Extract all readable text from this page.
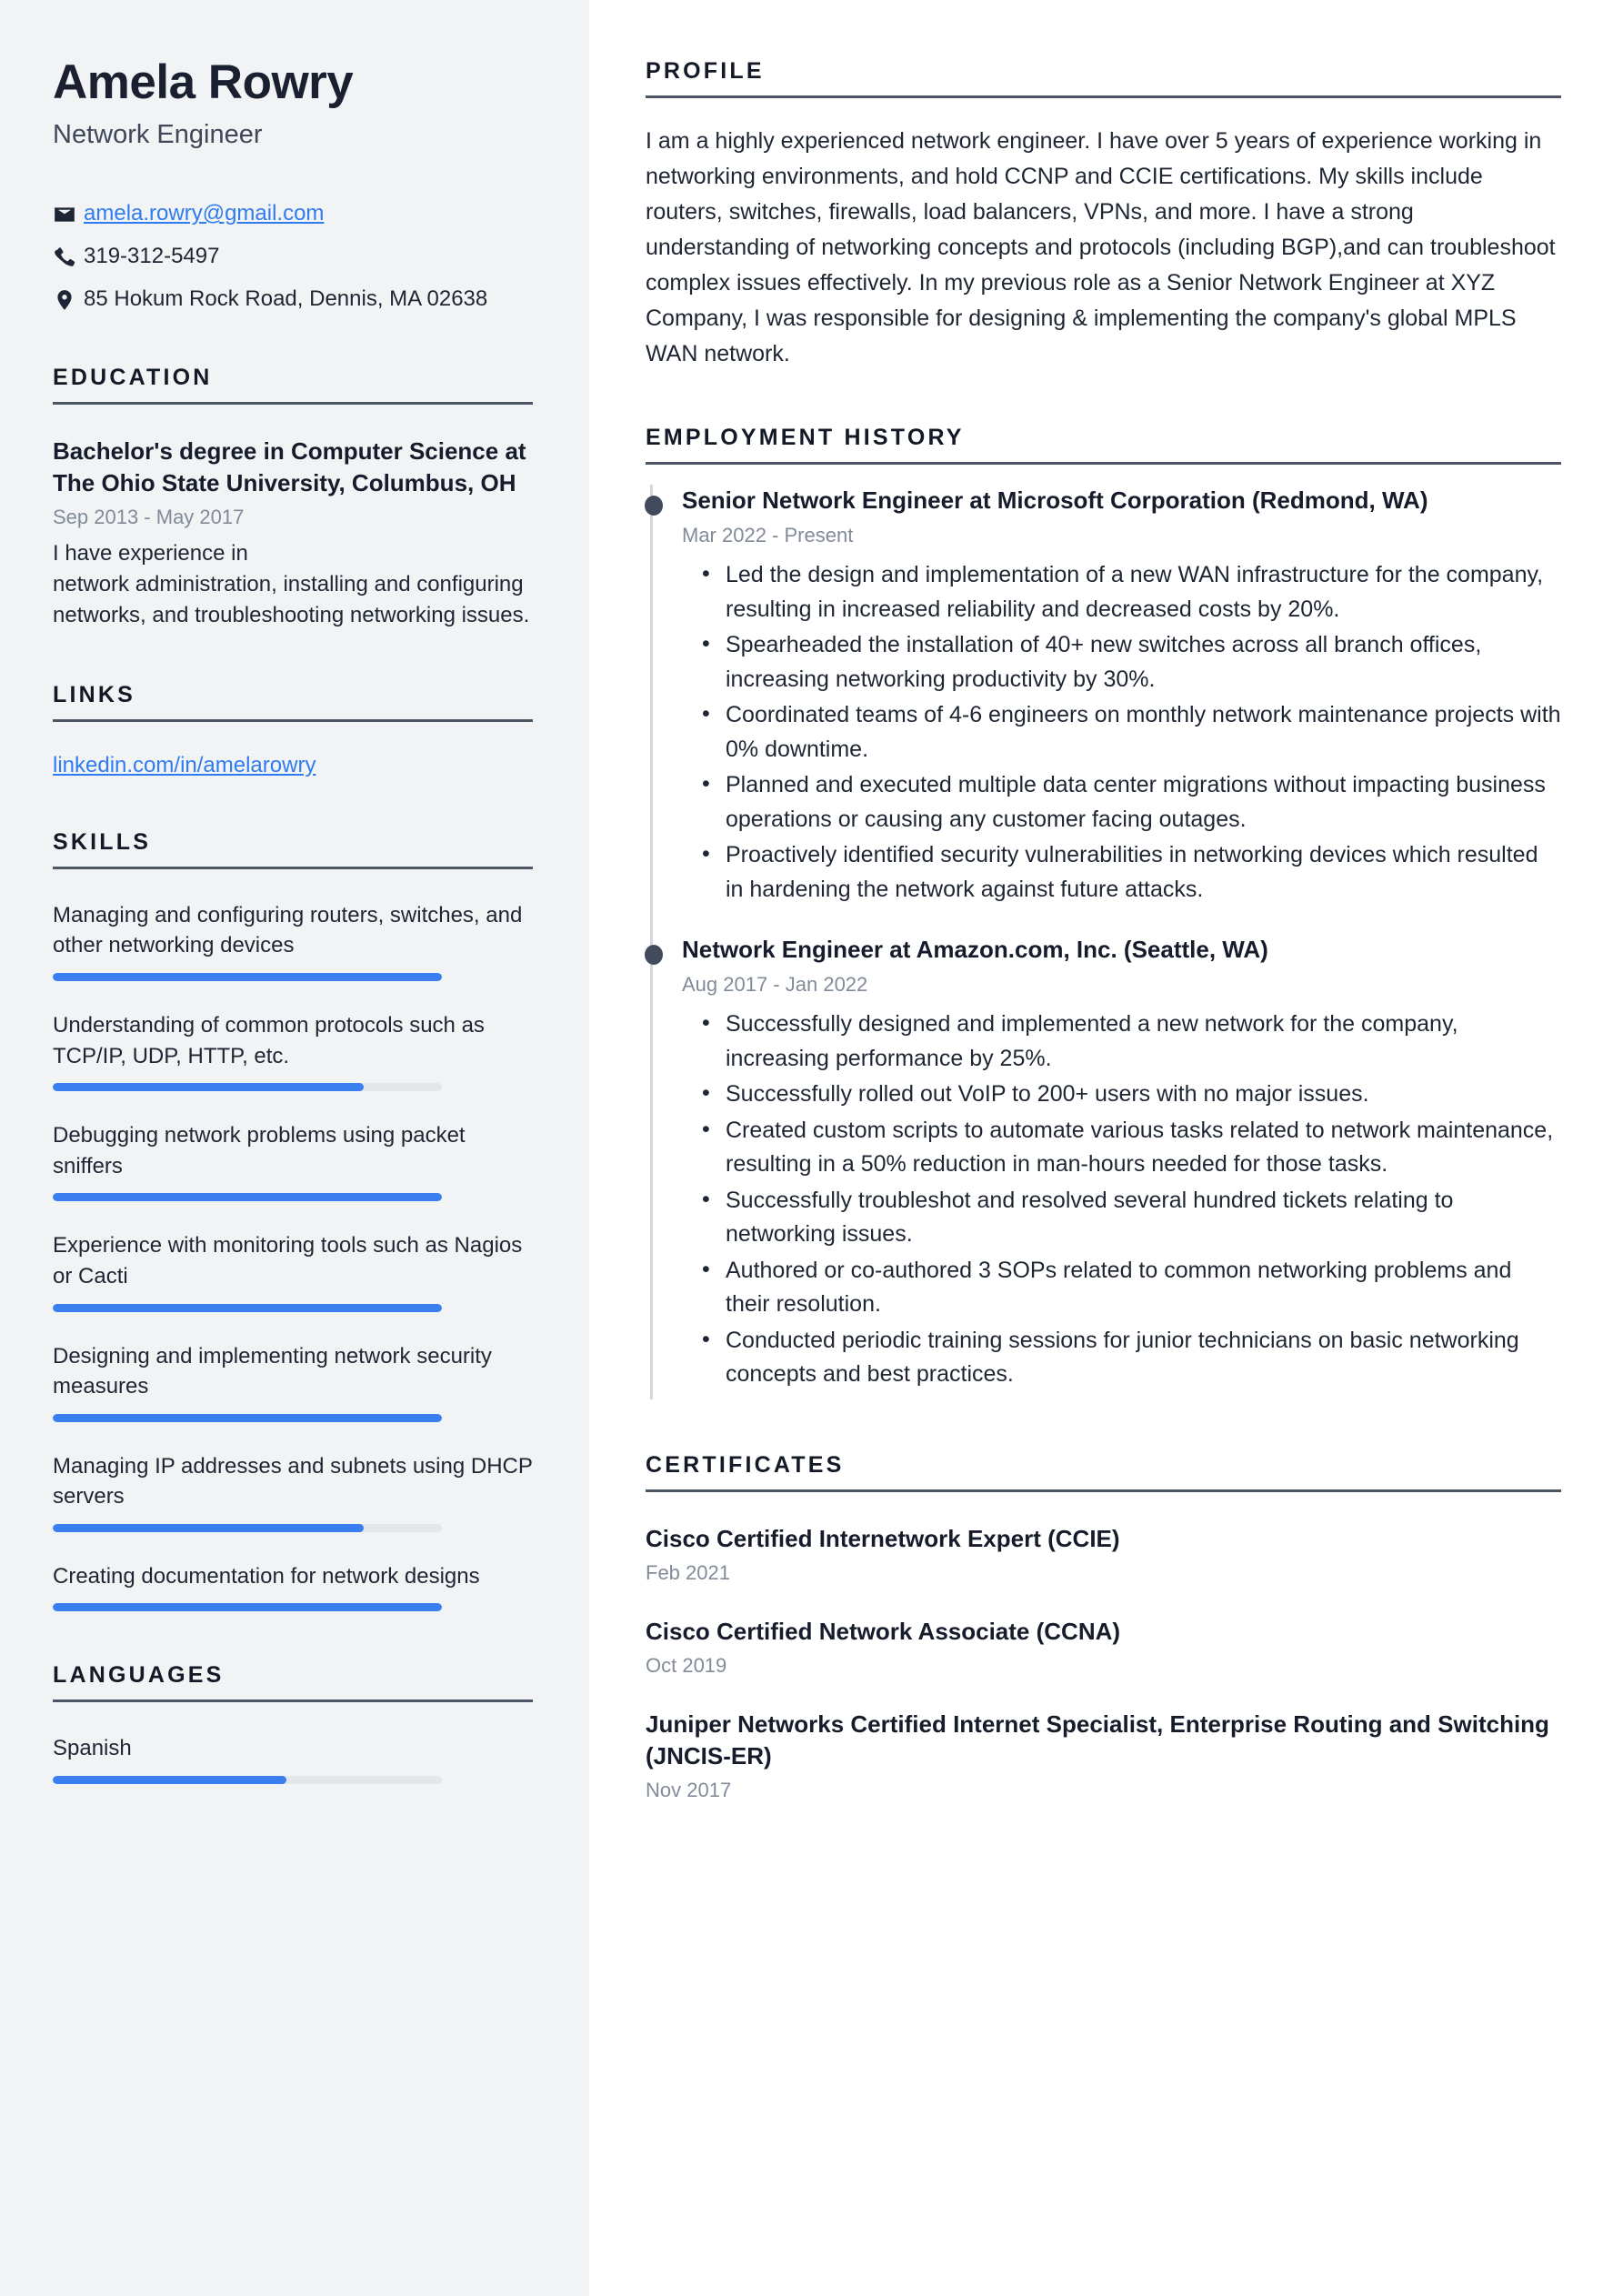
Amela Rowry
Network Engineer
amela.rowry@gmail.com
319-312-5497
85 Hokum Rock Road, Dennis, MA 02638
EDUCATION
Bachelor's degree in Computer Science at The Ohio State University, Columbus, OH
Sep 2013 - May 2017
I have experience in
network administration, installing and configuring networks, and troubleshooting networking issues.
LINKS
linkedin.com/in/amelarowry
SKILLS
Managing and configuring routers, switches, and other networking devices
Understanding of common protocols such as TCP/IP, UDP, HTTP, etc.
Debugging network problems using packet sniffers
Experience with monitoring tools such as Nagios or Cacti
Designing and implementing network security measures
Managing IP addresses and subnets using DHCP servers
Creating documentation for network designs
LANGUAGES
Spanish
PROFILE

I am a highly experienced network engineer. I have over 5 years of experience working in networking environments, and hold CCNP and CCIE certifications. My skills include routers, switches, firewalls, load balancers, VPNs, and more. I have a strong understanding of networking concepts and protocols (including BGP),and can troubleshoot complex issues effectively. In my previous role as a Senior Network Engineer at XYZ Company, I was responsible for designing & implementing the company's global MPLS WAN network.

EMPLOYMENT HISTORY
Senior Network Engineer at Microsoft Corporation (Redmond, WA)
Mar 2022 - Present
• Led the design and implementation of a new WAN infrastructure for the company, resulting in increased reliability and decreased costs by 20%.
• Spearheaded the installation of 40+ new switches across all branch offices, increasing networking productivity by 30%.
• Coordinated teams of 4-6 engineers on monthly network maintenance projects with 0% downtime.
• Planned and executed multiple data center migrations without impacting business operations or causing any customer facing outages.
• Proactively identified security vulnerabilities in networking devices which resulted in hardening the network against future attacks.
Network Engineer at Amazon.com, Inc. (Seattle, WA)
Aug 2017 - Jan 2022
• Successfully designed and implemented a new network for the company, increasing performance by 25%.
• Successfully rolled out VoIP to 200+ users with no major issues.
• Created custom scripts to automate various tasks related to network maintenance, resulting in a 50% reduction in man-hours needed for those tasks.
• Successfully troubleshot and resolved several hundred tickets relating to networking issues.
• Authored or co-authored 3 SOPs related to common networking problems and their resolution.
• Conducted periodic training sessions for junior technicians on basic networking concepts and best practices.
CERTIFICATES
Cisco Certified Internetwork Expert (CCIE)
Feb 2021
Cisco Certified Network Associate (CCNA)
Oct 2019
Juniper Networks Certified Internet Specialist, Enterprise Routing and Switching (JNCIS-ER)
Nov 2017
